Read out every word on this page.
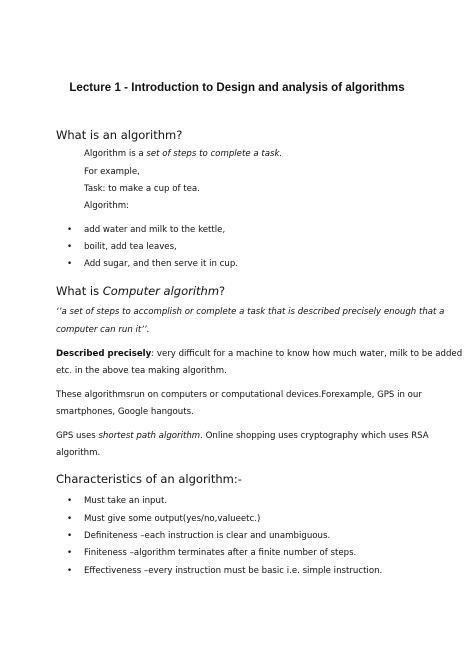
Lecture 1 - Introduction to Design and analysis of algorithms
What is an algorithm?
Algorithm is a set of steps to complete a task.
For example,
Task: to make a cup of tea.
Algorithm:
• add water and milk to the kettle,
• boilit, add tea leaves,
• Add sugar, and then serve it in cup.
What is Computer algorithm?
‘’a set of steps to accomplish or complete a task that is described precisely enough that a
computer can run it’’.
Described precisely: very difficult for a machine to know how much water, milk to be added
etc. in the above tea making algorithm.
These algorithmsrun on computers or computational devices.Forexample, GPS in our
smartphones, Google hangouts.
GPS uses shortest path algorithm. Online shopping uses cryptography which uses RSA
algorithm.
Characteristics of an algorithm:-
• Must take an input.
• Must give some output(yes/no,valueetc.)
• Definiteness –each instruction is clear and unambiguous.
• Finiteness –algorithm terminates after a finite number of steps.
• Effectiveness –every instruction must be basic i.e. simple instruction.
